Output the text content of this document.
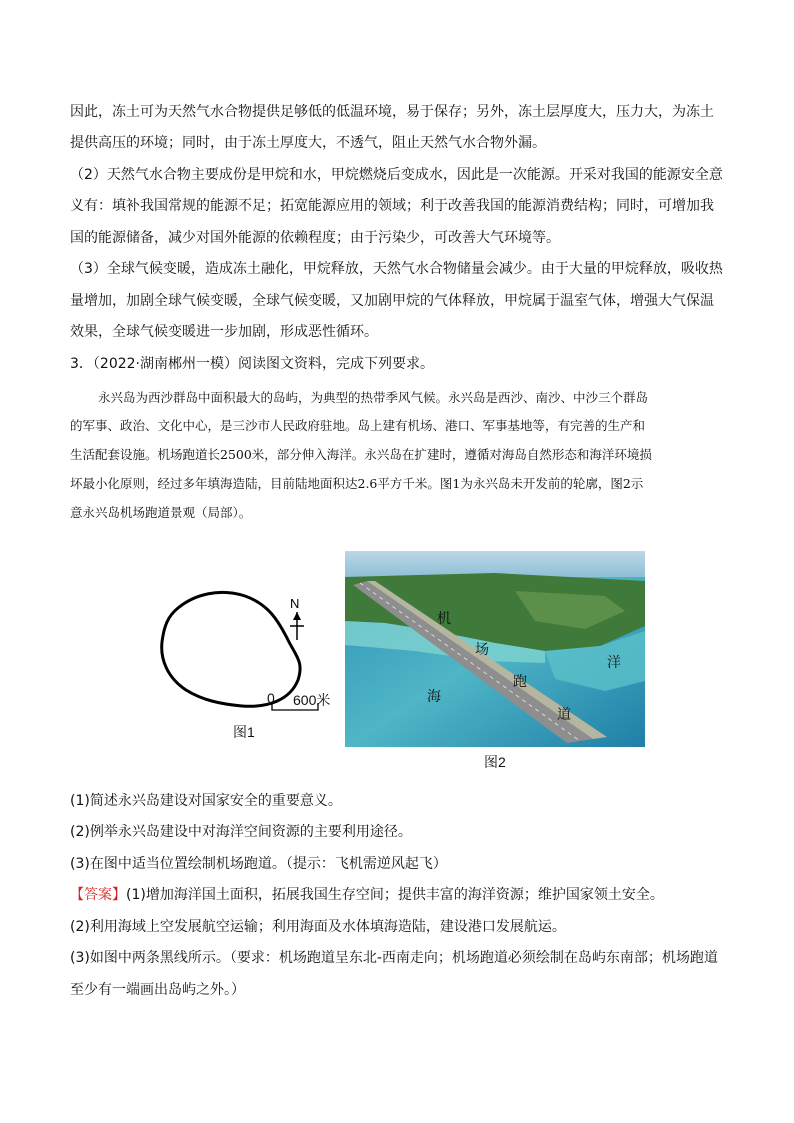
因此，冻土可为天然气水合物提供足够低的低温环境，易于保存；另外，冻土层厚度大，压力大，为冻土

提供高压的环境；同时，由于冻土厚度大，不透气，阻止天然气水合物外漏。

（2）天然气水合物主要成份是甲烷和水，甲烷燃烧后变成水，因此是一次能源。开采对我国的能源安全意

义有：填补我国常规的能源不足；拓宽能源应用的领域；利于改善我国的能源消费结构；同时，可增加我

国的能源储备，减少对国外能源的依赖程度；由于污染少，可改善大气环境等。

（3）全球气候变暖，造成冻土融化，甲烷释放，天然气水合物储量会减少。由于大量的甲烷释放，吸收热

量增加，加剧全球气候变暖，全球气候变暖，又加剧甲烷的气体释放，甲烷属于温室气体，增强大气保温

效果，全球气候变暖进一步加剧，形成恶性循环。

3．（2022·湖南郴州一模）阅读图文资料，完成下列要求。

永兴岛为西沙群岛中面积最大的岛屿，为典型的热带季风气候。永兴岛是西沙、南沙、中沙三个群岛

的军事、政治、文化中心，是三沙市人民政府驻地。岛上建有机场、港口、军事基地等，有完善的生产和

生活配套设施。机场跑道长2500米，部分伸入海洋。永兴岛在扩建时，遵循对海岛自然形态和海洋环境损

坏最小化原则，经过多年填海造陆，目前陆地面积达2.6平方千米。图1为永兴岛未开发前的轮廓，图2示

意永兴岛机场跑道景观（局部）。

N
0 600米
图1
机
场
跑
道
海
洋
图2

(1)简述永兴岛建设对国家安全的重要意义。

(2)例举永兴岛建设中对海洋空间资源的主要利用途径。

(3)在图中适当位置绘制机场跑道。（提示：飞机需逆风起飞）

【答案】(1)增加海洋国土面积，拓展我国生存空间；提供丰富的海洋资源；维护国家领土安全。

(2)利用海域上空发展航空运输；利用海面及水体填海造陆，建设港口发展航运。

(3)如图中两条黑线所示。（要求：机场跑道呈东北-西南走向；机场跑道必须绘制在岛屿东南部；机场跑道

至少有一端画出岛屿之外。）
